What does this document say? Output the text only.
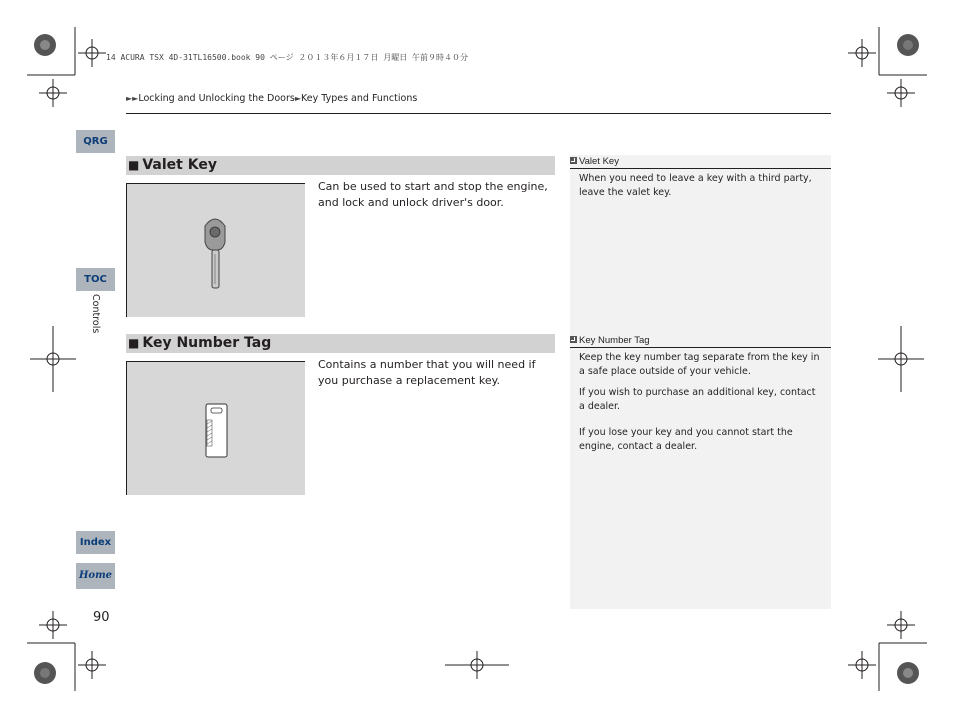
14 ACURA TSX 4D-31TL16500.book 90 ページ ２０１３年６月１７日 月曜日 午前９時４０分
►►Locking and Unlocking the Doors►Key Types and Functions
QRG
TOC
Controls
Index
Home
90
■ Valet Key
Can be used to start and stop the engine, and lock and unlock driver's door.
■ Key Number Tag
Contains a number that you will need if you purchase a replacement key.
Valet Key
When you need to leave a key with a third party, leave the valet key.
Key Number Tag
Keep the key number tag separate from the key in a safe place outside of your vehicle.
If you wish to purchase an additional key, contact a dealer.
If you lose your key and you cannot start the engine, contact a dealer.
